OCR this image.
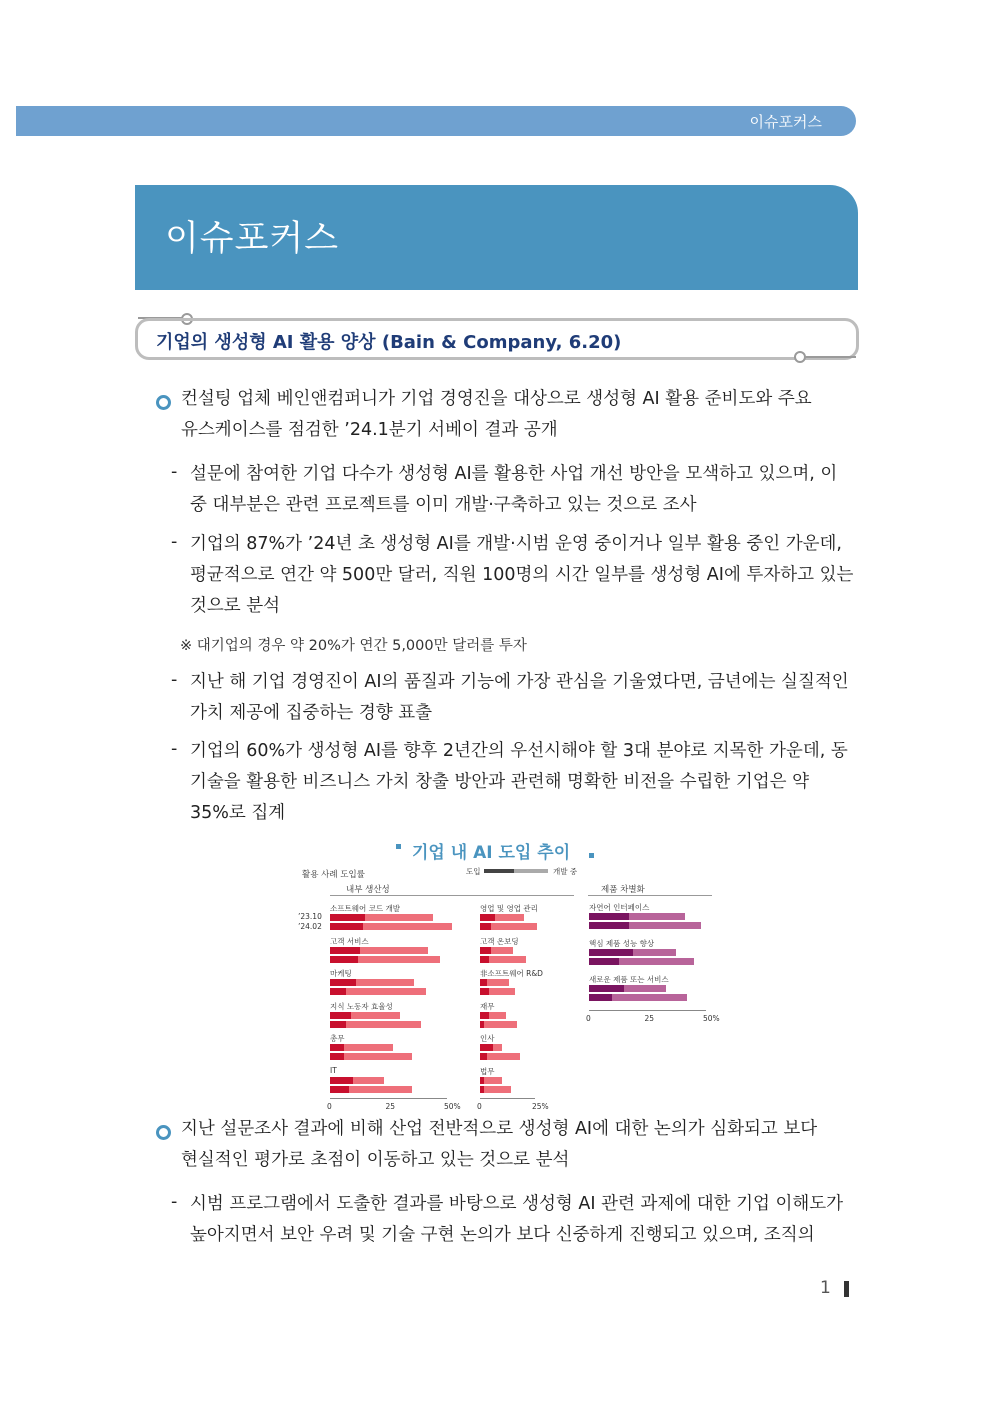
이슈포커스
이슈포커스
기업의 생성형 AI 활용 양상 (Bain & Company, 6.20)
컨설팅 업체 베인앤컴퍼니가 기업 경영진을 대상으로 생성형 AI 활용 준비도와 주요
유스케이스를 점검한 ’24.1분기 서베이 결과 공개
- 설문에 참여한 기업 다수가 생성형 AI를 활용한 사업 개선 방안을 모색하고 있으며, 이
중 대부분은 관련 프로젝트를 이미 개발·구축하고 있는 것으로 조사
- 기업의 87%가 ’24년 초 생성형 AI를 개발·시범 운영 중이거나 일부 활용 중인 가운데,
평균적으로 연간 약 500만 달러, 직원 100명의 시간 일부를 생성형 AI에 투자하고 있는
것으로 분석
※ 대기업의 경우 약 20%가 연간 5,000만 달러를 투자
- 지난 해 기업 경영진이 AI의 품질과 기능에 가장 관심을 기울였다면, 금년에는 실질적인
가치 제공에 집중하는 경향 표출
- 기업의 60%가 생성형 AI를 향후 2년간의 우선시해야 할 3대 분야로 지목한 가운데, 동
기술을 활용한 비즈니스 가치 창출 방안과 관련해 명확한 비전을 수립한 기업은 약
35%로 집계
기업 내 AI 도입 추이
활용 사례 도입률	도입	개발 중
내부 생산성	제품 차별화
’23.10
’24.02
소프트웨어 코드 개발
고객 서비스
마케팅
지식 노동자 효율성
총무
IT
0	25	50%
영업 및 영업 관리
고객 온보딩
非소프트웨어 R&D
재무
인사
법무
0	25%
자연어 인터페이스
핵심 제품 성능 향상
새로운 제품 또는 서비스
0	25	50%
지난 설문조사 결과에 비해 산업 전반적으로 생성형 AI에 대한 논의가 심화되고 보다
현실적인 평가로 초점이 이동하고 있는 것으로 분석
- 시범 프로그램에서 도출한 결과를 바탕으로 생성형 AI 관련 과제에 대한 기업 이해도가
높아지면서 보안 우려 및 기술 구현 논의가 보다 신중하게 진행되고 있으며, 조직의
1
